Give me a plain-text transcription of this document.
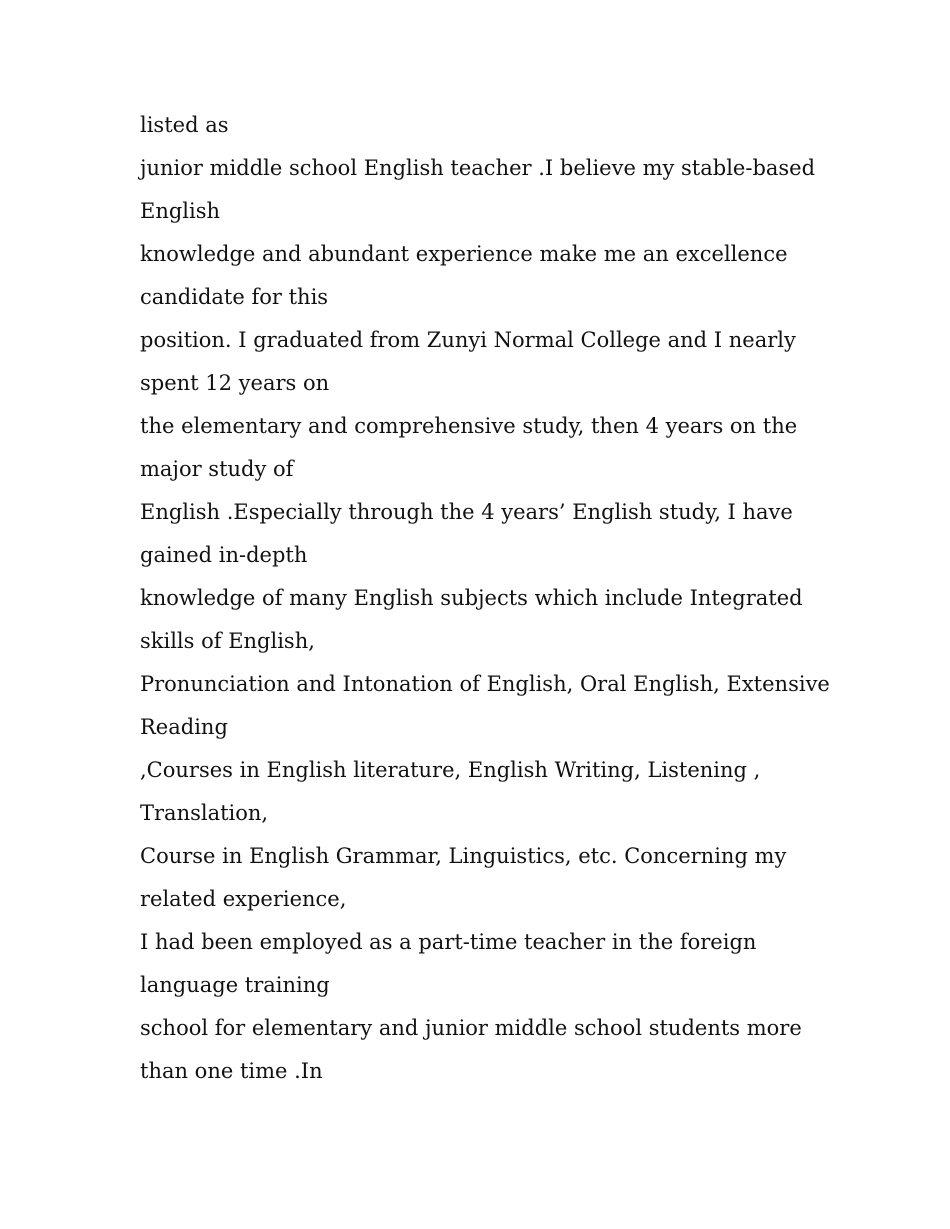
listed as
junior middle school English teacher .I believe my stable-based
English
knowledge and abundant experience make me an excellence
candidate for this
position. I graduated from Zunyi Normal College and I nearly
spent 12 years on
the elementary and comprehensive study, then 4 years on the
major study of
English .Especially through the 4 years’ English study, I have
gained in-depth
knowledge of many English subjects which include Integrated
skills of English,
Pronunciation and Intonation of English, Oral English, Extensive
Reading
,Courses in English literature, English Writing, Listening ,
Translation,
Course in English Grammar, Linguistics, etc. Concerning my
related experience,
I had been employed as a part-time teacher in the foreign
language training
school for elementary and junior middle school students more
than one time .In
